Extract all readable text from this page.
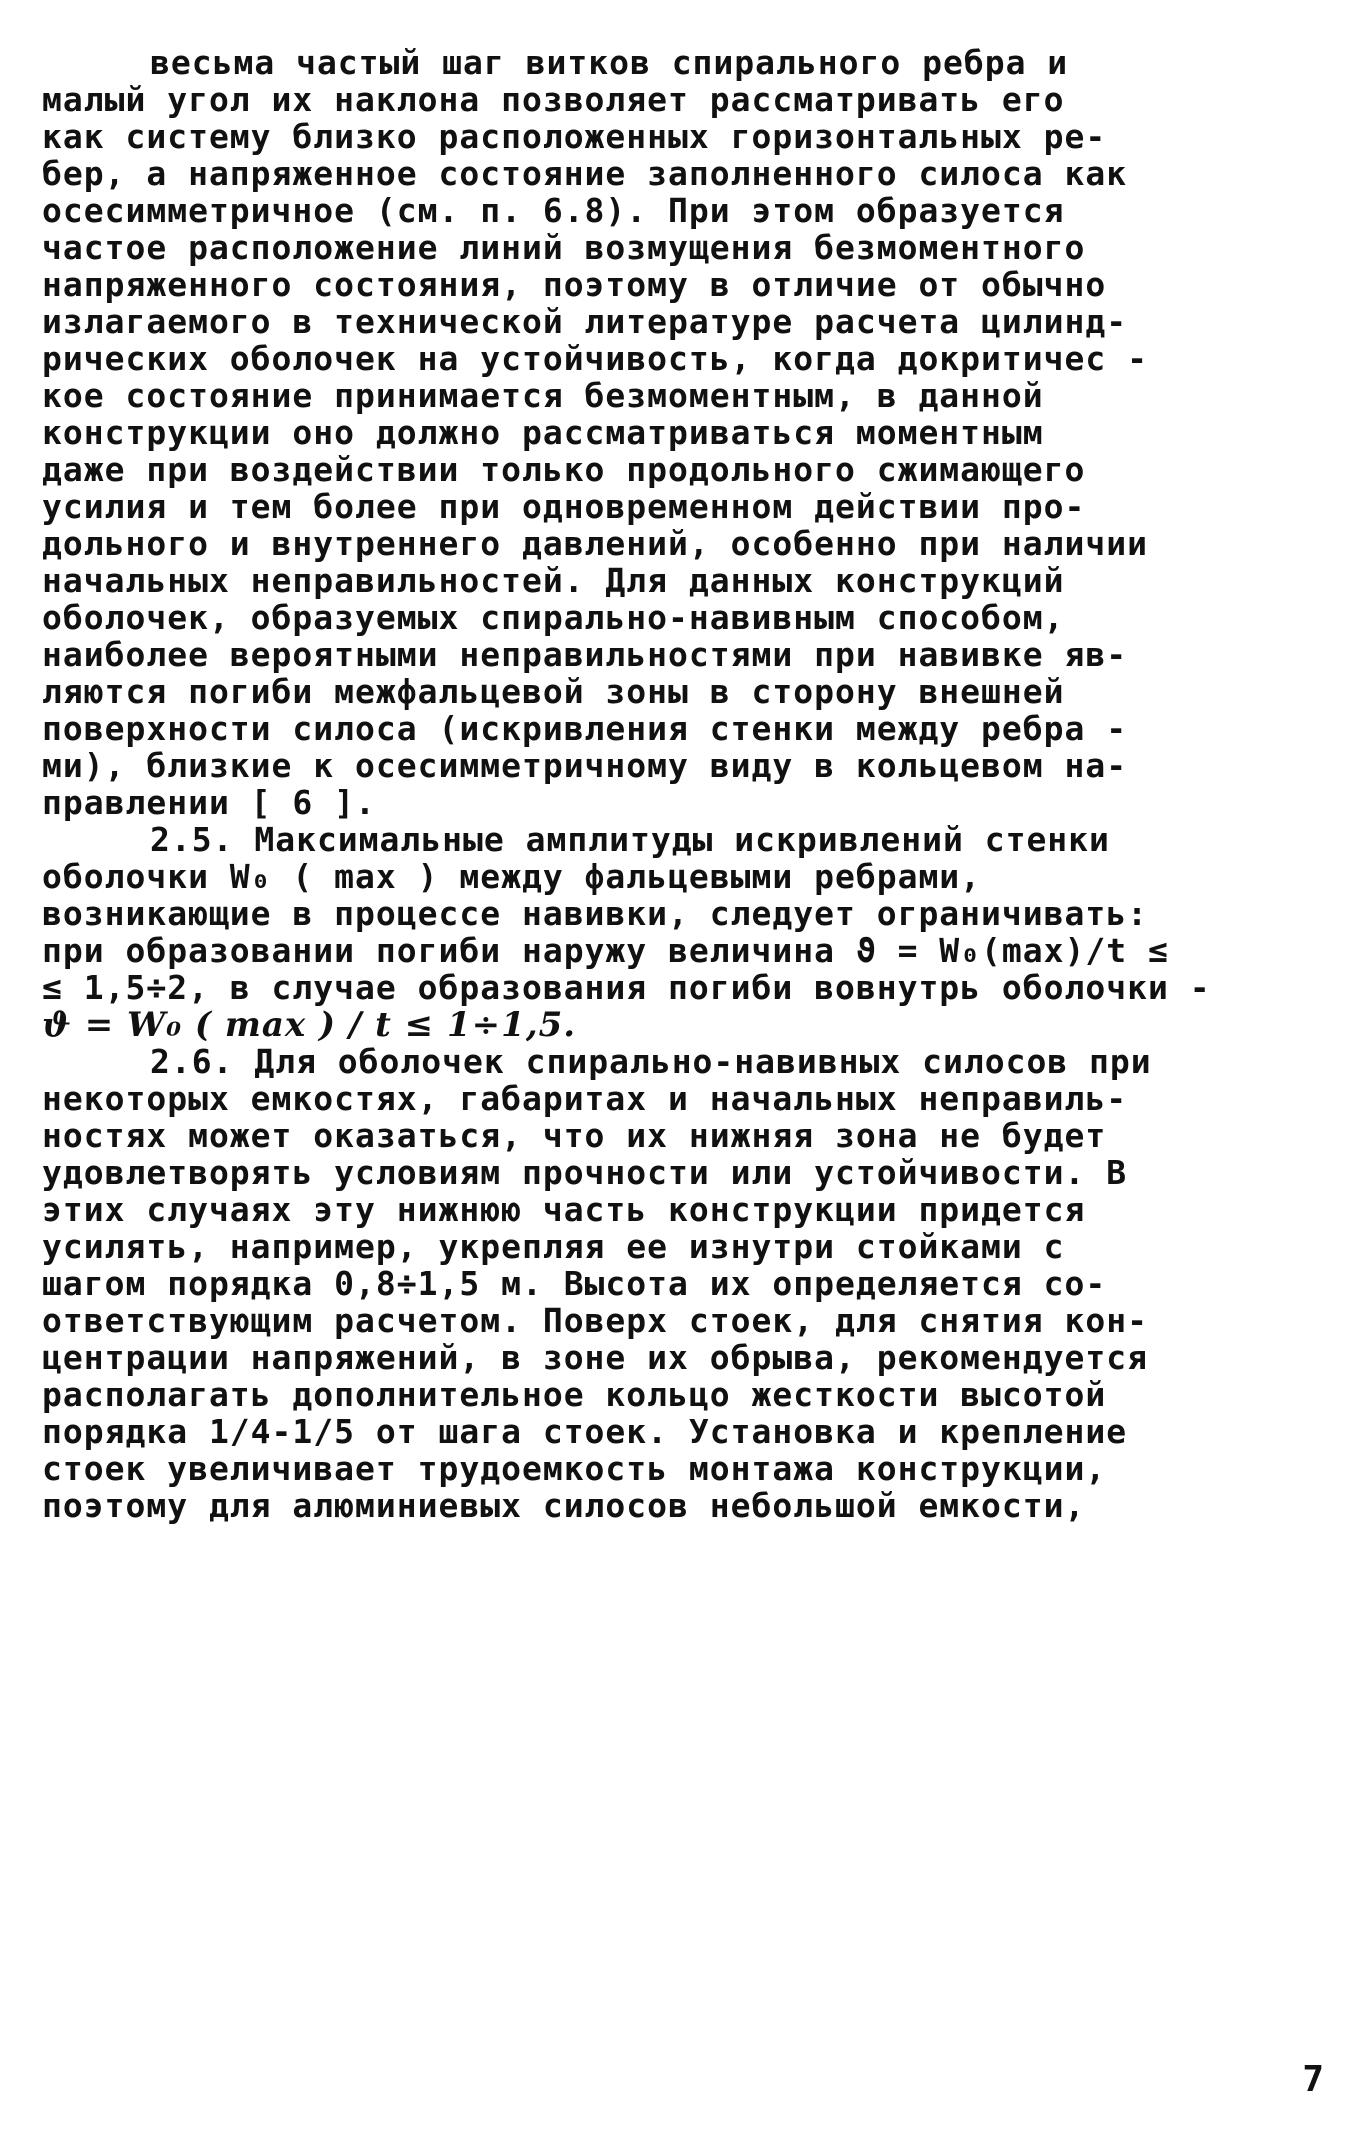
весьма частый шаг витков спирального ребра и
малый угол их наклона позволяет рассматривать его
как систему близко расположенных горизонтальных ре-
бер, а напряженное состояние заполненного силоса как
осесимметричное (см. п. 6.8). При этом образуется
частое расположение линий возмущения безмоментного
напряженного состояния, поэтому в отличие от обычно
излагаемого в технической литературе расчета цилинд-
рических оболочек на устойчивость, когда докритичес -
кое состояние принимается безмоментным, в данной
конструкции оно должно рассматриваться моментным
даже при воздействии только продольного сжимающего
усилия и тем более при одновременном действии про-
дольного и внутреннего давлений, особенно при наличии
начальных неправильностей. Для данных конструкций
оболочек, образуемых спирально-навивным способом,
наиболее вероятными неправильностями при навивке яв-
ляются погиби межфальцевой зоны в сторону внешней
поверхности силоса (искривления стенки между ребра -
ми), близкие к осесимметричному виду в кольцевом на-
правлении [ 6 ].
2.5. Максимальные амплитуды искривлений стенки
оболочки W₀ ( max ) между фальцевыми ребрами,
возникающие в процессе навивки, следует ограничивать:
при образовании погиби наружу величина ϑ = W₀(max)/t ≤
≤ 1,5÷2, в случае образования погиби вовнутрь оболочки -
ϑ = W₀ ( max ) / t ≤ 1÷1,5.
2.6. Для оболочек спирально-навивных силосов при
некоторых емкостях, габаритах и начальных неправиль-
ностях может оказаться, что их нижняя зона не будет
удовлетворять условиям прочности или устойчивости. В
этих случаях эту нижнюю часть конструкции придется
усилять, например, укрепляя ее изнутри стойками с
шагом порядка 0,8÷1,5 м. Высота их определяется со-
ответствующим расчетом. Поверх стоек, для снятия кон-
центрации напряжений, в зоне их обрыва, рекомендуется
располагать дополнительное кольцо жесткости высотой
порядка 1/4-1/5 от шага стоек. Установка и крепление
стоек увеличивает трудоемкость монтажа конструкции,
поэтому для алюминиевых силосов небольшой емкости,
7
